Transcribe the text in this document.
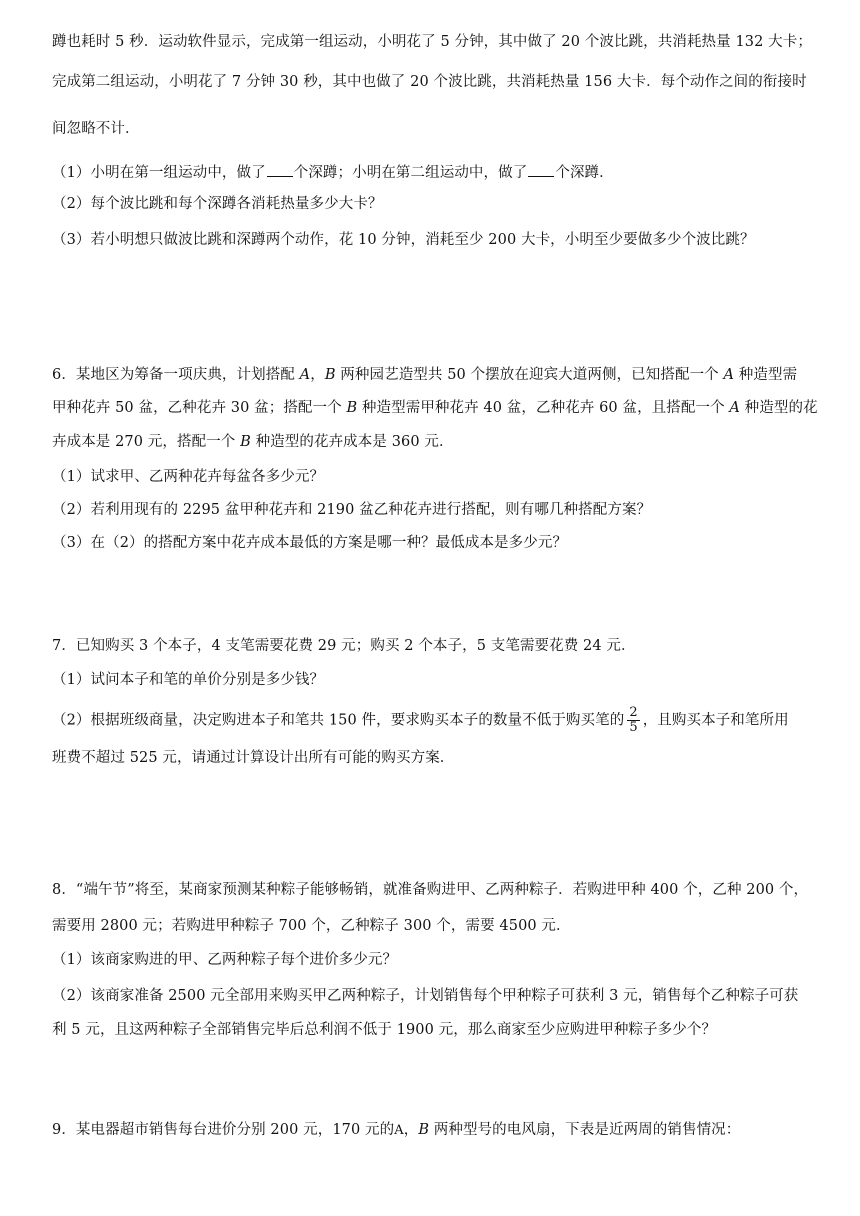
蹲也耗时 5 秒．运动软件显示，完成第一组运动，小明花了 5 分钟，其中做了 20 个波比跳，共消耗热量 132 大卡；
完成第二组运动，小明花了 7 分钟 30 秒，其中也做了 20 个波比跳，共消耗热量 156 大卡．每个动作之间的衔接时
间忽略不计．
（1）小明在第一组运动中，做了 个深蹲；小明在第二组运动中，做了 个深蹲．
（2）每个波比跳和每个深蹲各消耗热量多少大卡？
（3）若小明想只做波比跳和深蹲两个动作，花 10 分钟，消耗至少 200 大卡，小明至少要做多少个波比跳？
6．某地区为筹备一项庆典，计划搭配 A，B 两种园艺造型共 50 个摆放在迎宾大道两侧，已知搭配一个 A 种造型需
甲种花卉 50 盆，乙种花卉 30 盆；搭配一个 B 种造型需甲种花卉 40 盆，乙种花卉 60 盆，且搭配一个 A 种造型的花
卉成本是 270 元，搭配一个 B 种造型的花卉成本是 360 元．
（1）试求甲、乙两种花卉每盆各多少元？
（2）若利用现有的 2295 盆甲种花卉和 2190 盆乙种花卉进行搭配，则有哪几种搭配方案？
（3）在（2）的搭配方案中花卉成本最低的方案是哪一种？最低成本是多少元？
7．已知购买 3 个本子，4 支笔需要花费 29 元；购买 2 个本子，5 支笔需要花费 24 元．
（1）试问本子和笔的单价分别是多少钱？
（2）根据班级商量，决定购进本子和笔共 150 件，要求购买本子的数量不低于购买笔的 $\frac{2}{5}$ ，且购买本子和笔所用
班费不超过 525 元，请通过计算设计出所有可能的购买方案．
8．“端午节”将至，某商家预测某种粽子能够畅销，就准备购进甲、乙两种粽子．若购进甲种 400 个，乙种 200 个，
需要用 2800 元；若购进甲种粽子 700 个，乙种粽子 300 个，需要 4500 元．
（1）该商家购进的甲、乙两种粽子每个进价多少元？
（2）该商家准备 2500 元全部用来购买甲乙两种粽子，计划销售每个甲种粽子可获利 3 元，销售每个乙种粽子可获
利 5 元，且这两种粽子全部销售完毕后总利润不低于 1900 元，那么商家至少应购进甲种粽子多少个？
9．某电器超市销售每台进价分别 200 元，170 元的A，B 两种型号的电风扇，下表是近两周的销售情况：
